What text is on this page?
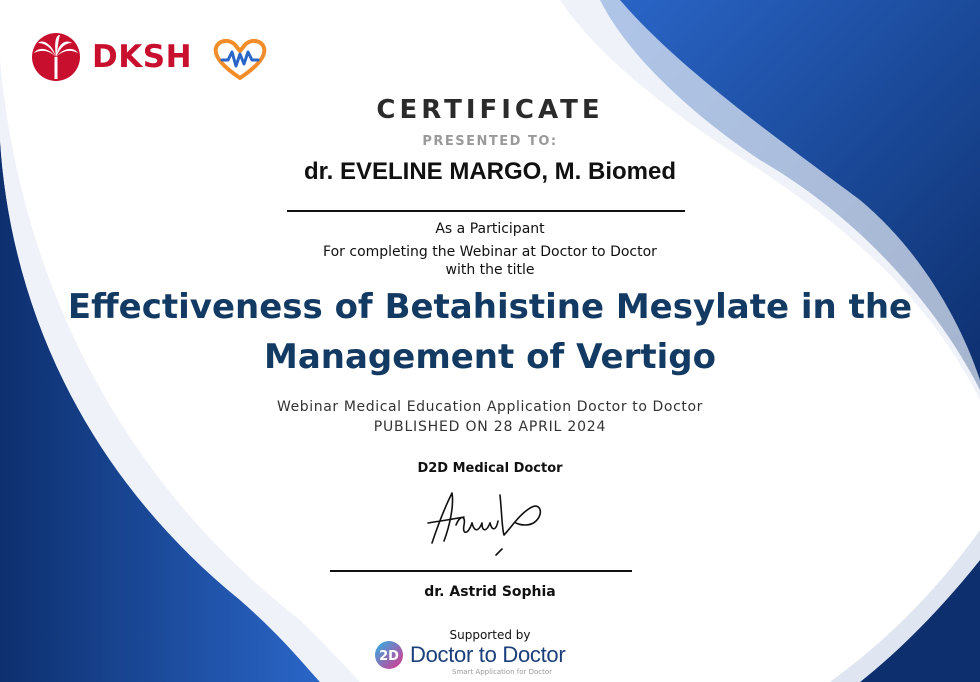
DKSH
CERTIFICATE
PRESENTED TO:
dr. EVELINE MARGO, M. Biomed
As a Participant
For completing the Webinar at Doctor to Doctor
with the title
Effectiveness of Betahistine Mesylate in the Management of Vertigo
Webinar Medical Education Application Doctor to Doctor
PUBLISHED ON 28 APRIL 2024
D2D Medical Doctor
dr. Astrid Sophia
Supported by
2D Doctor to Doctor
Smart Application for Doctor
